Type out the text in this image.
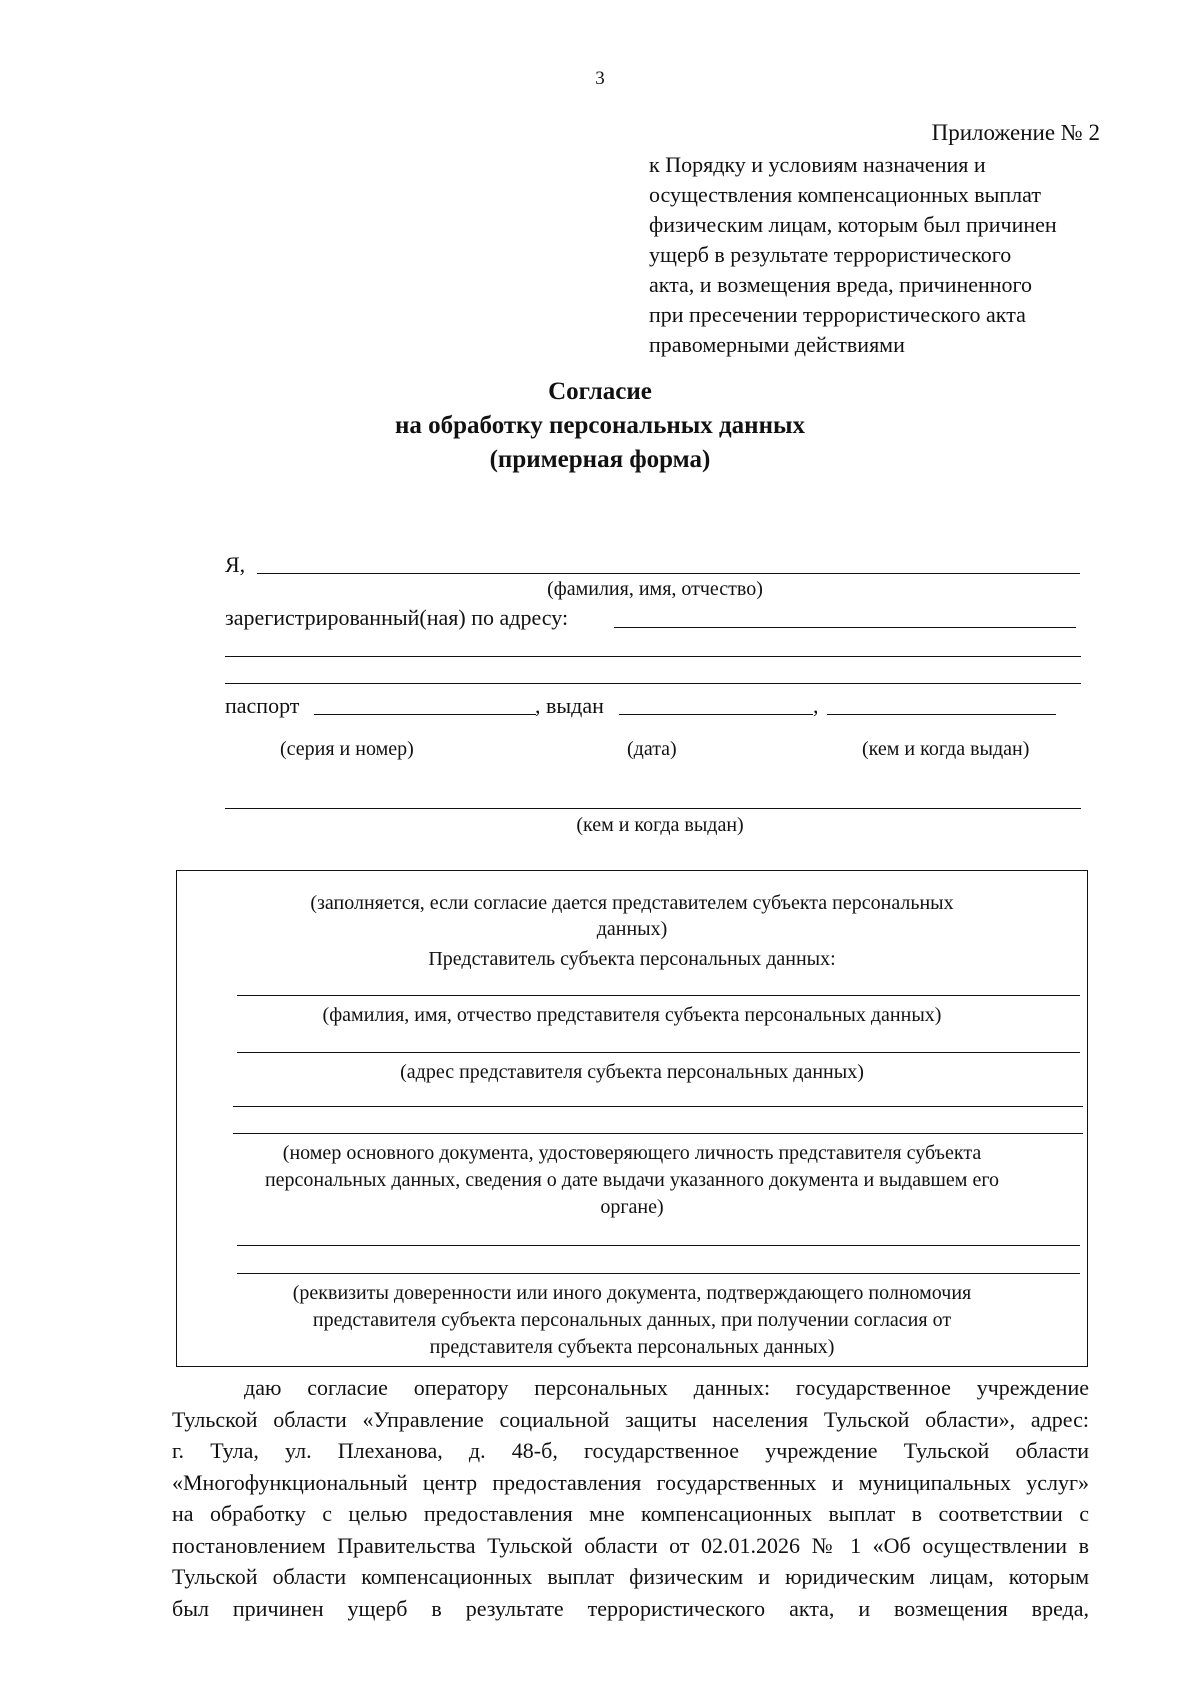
3
Приложение № 2
к Порядку и условиям назначения и
осуществления компенсационных выплат
физическим лицам, которым был причинен
ущерб в результате террористического
акта, и возмещения вреда, причиненного
при пресечении террористического акта
правомерными действиями
Согласие
на обработку персональных данных
(примерная форма)
Я,
(фамилия, имя, отчество)
зарегистрированный(ная) по адресу:
паспорт	, выдан	,
(серия и номер)	(дата)	(кем и когда выдан)
(кем и когда выдан)
(заполняется, если согласие дается представителем субъекта персональных
данных)
Представитель субъекта персональных данных:
(фамилия, имя, отчество представителя субъекта персональных данных)
(адрес представителя субъекта персональных данных)
(номер основного документа, удостоверяющего личность представителя субъекта
персональных данных, сведения о дате выдачи указанного документа и выдавшем его
органе)
(реквизиты доверенности или иного документа, подтверждающего полномочия
представителя субъекта персональных данных, при получении согласия от
представителя субъекта персональных данных)

даю согласие оператору персональных данных: государственное учреждение

Тульской области «Управление социальной защиты населения Тульской области», адрес:
г. Тула, ул. Плеханова, д. 48-б, государственное учреждение Тульской области
«Многофункциональный центр предоставления государственных и муниципальных услуг»
на обработку с целью предоставления мне компенсационных выплат в соответствии с
постановлением Правительства Тульской области от 02.01.2026 № 1 «Об осуществлении в
Тульской области компенсационных выплат физическим и юридическим лицам, которым
был причинен ущерб в результате террористического акта, и возмещения вреда,
